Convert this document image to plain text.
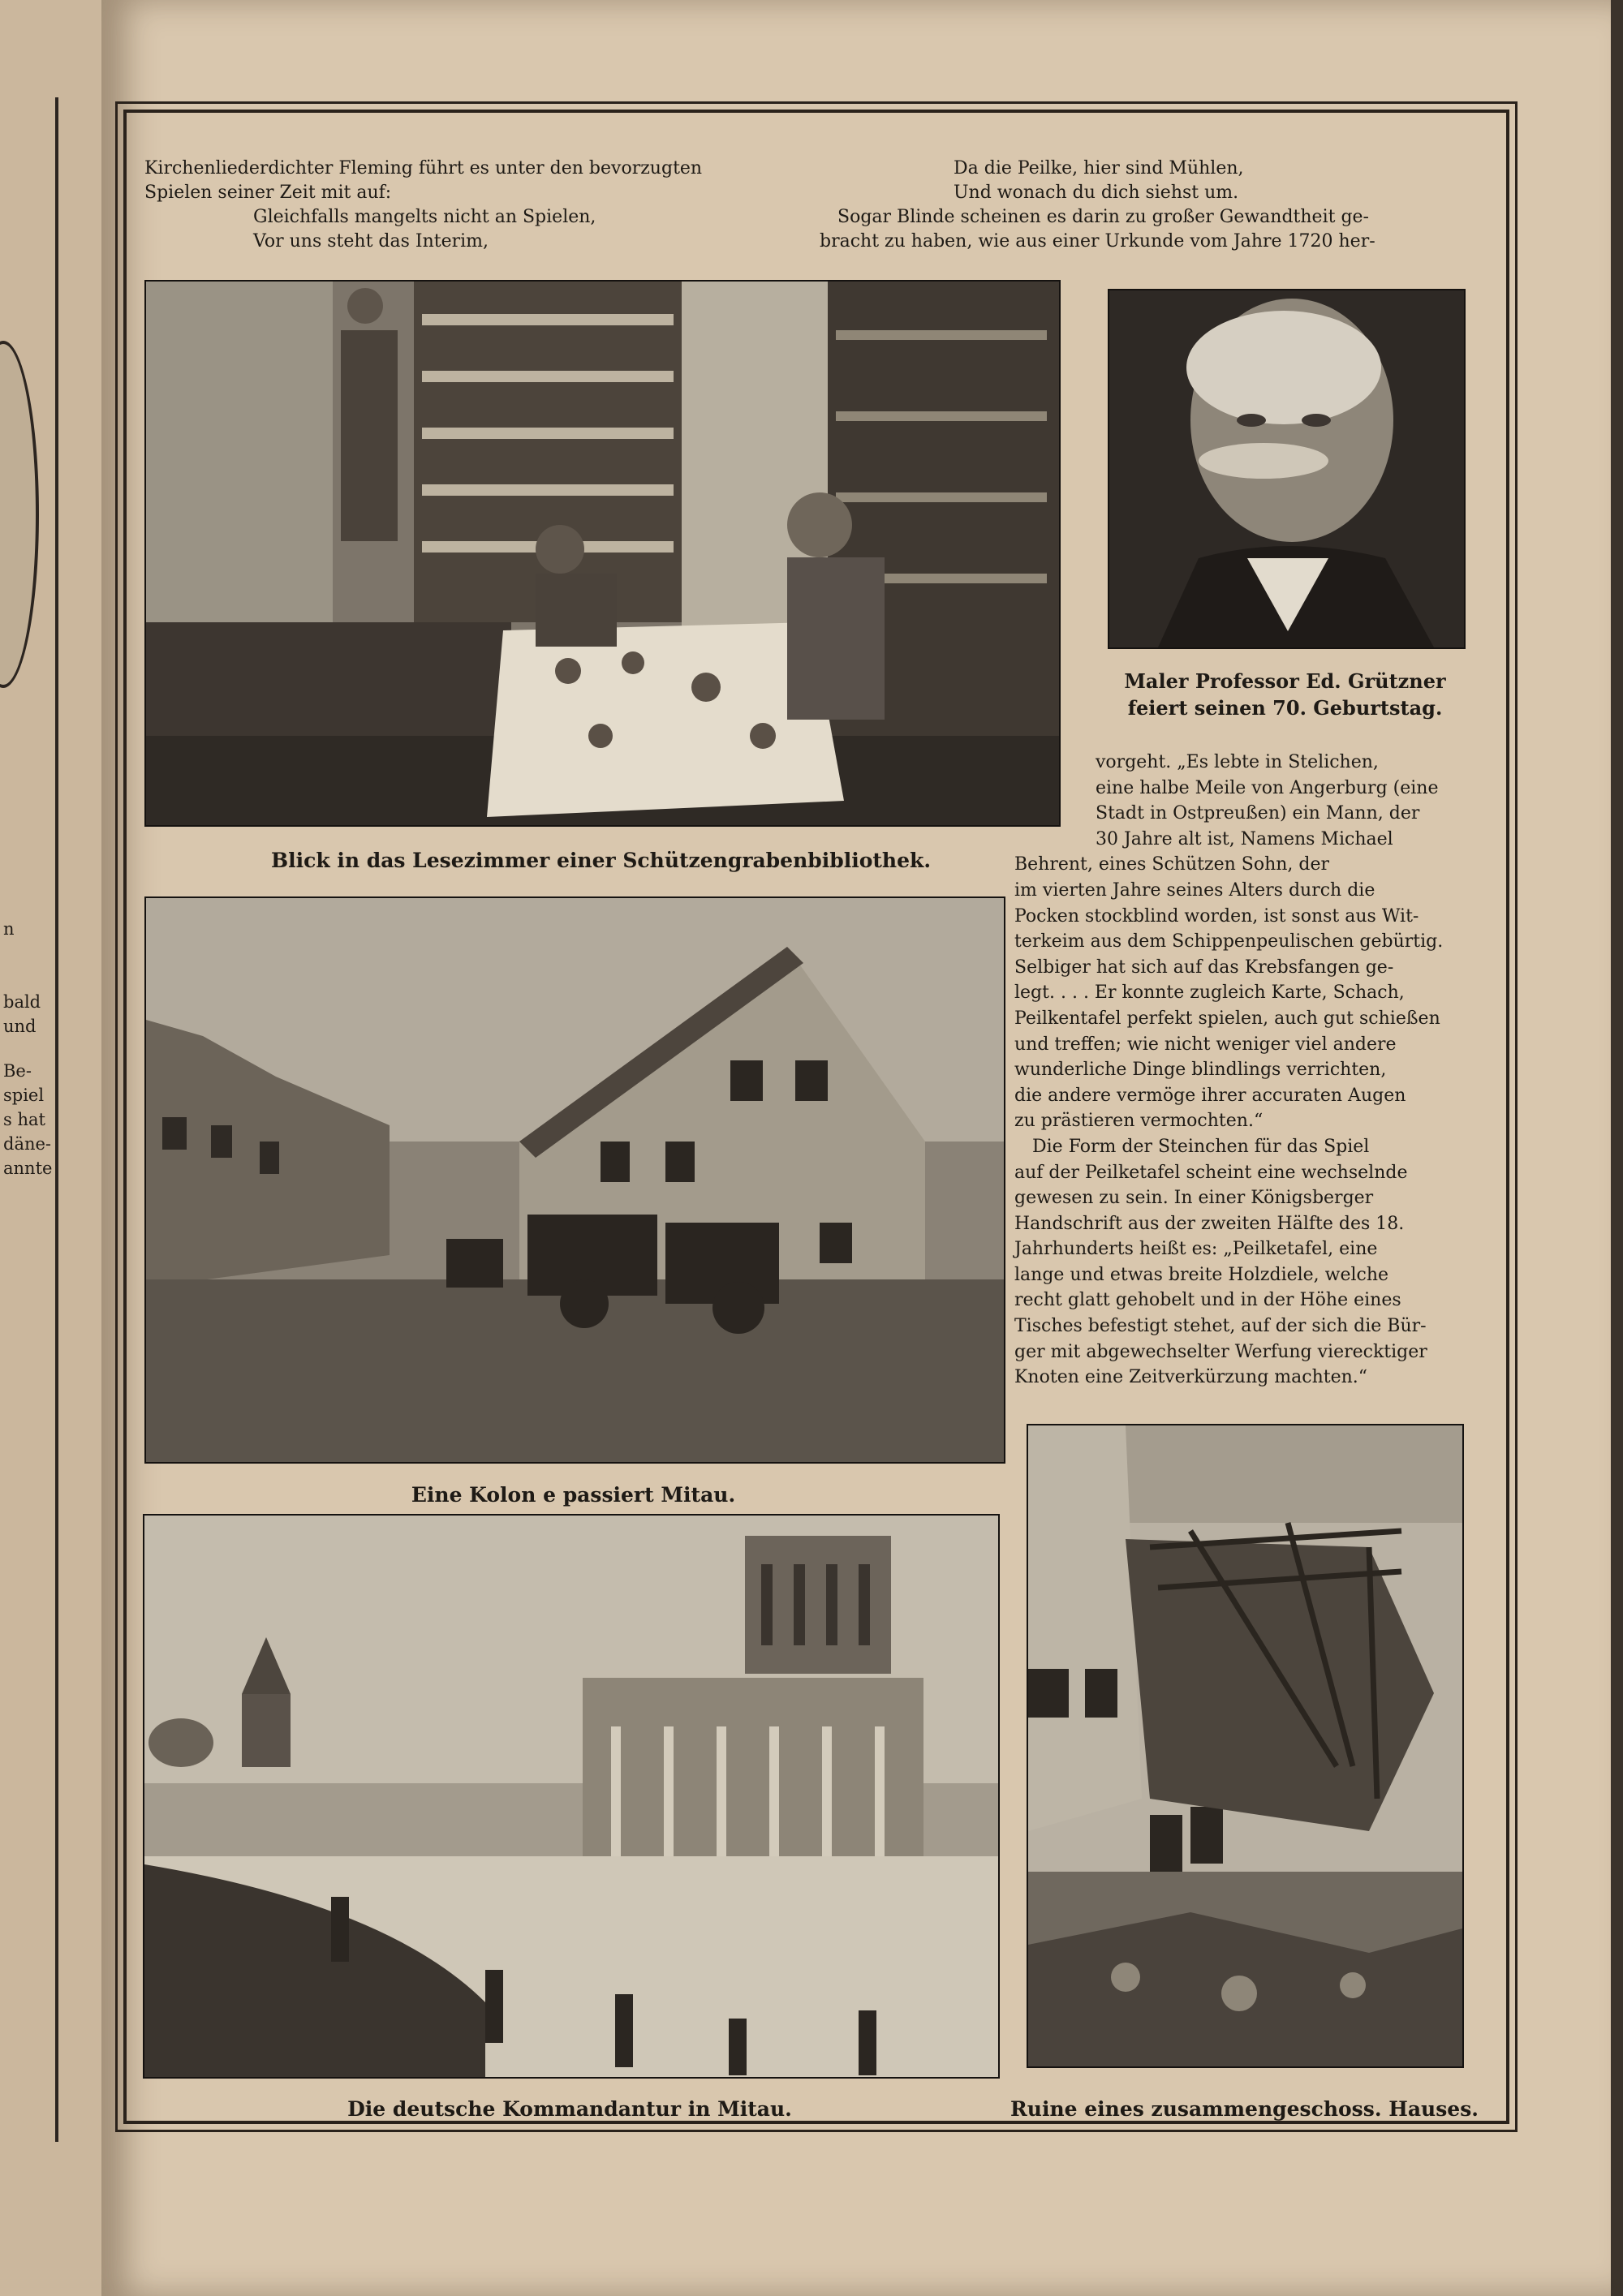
n
bald
und
Be-
spiel
s hat
däne-
annte
Kirchenliederdichter Fleming führt es unter den bevorzugten
Spielen seiner Zeit mit auf:
Gleichfalls mangelts nicht an Spielen,
Vor uns steht das Interim,
Da die Peilke, hier sind Mühlen,
Und wonach du dich siehst um.
Sogar Blinde scheinen es darin zu großer Gewandtheit ge-
bracht zu haben, wie aus einer Urkunde vom Jahre 1720 her-
Blick in das Lesezimmer einer Schützengrabenbibliothek.
Maler Professor Ed. Grützner
feiert seinen 70. Geburtstag.

vorgeht. „Es lebte in Stelichen,

eine halbe Meile von Angerburg (eine

Stadt in Ostpreußen) ein Mann, der

30 Jahre alt ist, Namens Michael

Behrent, eines Schützen Sohn, der

im vierten Jahre seines Alters durch die

Pocken stockblind worden, ist sonst aus Wit-

terkeim aus dem Schippenpeulischen gebürtig.

Selbiger hat sich auf das Krebsfangen ge-

legt. . . . Er konnte zugleich Karte, Schach,

Peilkentafel perfekt spielen, auch gut schießen

und treffen; wie nicht weniger viel andere

wunderliche Dinge blindlings verrichten,

die andere vermöge ihrer accuraten Augen

zu prästieren vermochten.“

Die Form der Steinchen für das Spiel

auf der Peilketafel scheint eine wechselnde

gewesen zu sein. In einer Königsberger

Handschrift aus der zweiten Hälfte des 18.

Jahrhunderts heißt es: „Peilketafel, eine

lange und etwas breite Holzdiele, welche

recht glatt gehobelt und in der Höhe eines

Tisches befestigt stehet, auf der sich die Bür-

ger mit abgewechselter Werfung vierecktiger

Knoten eine Zeitverkürzung machten.“

Eine Kolon e passiert Mitau.
Die deutsche Kommandantur in Mitau.	Ruine eines zusammengeschoss. Hauses.
